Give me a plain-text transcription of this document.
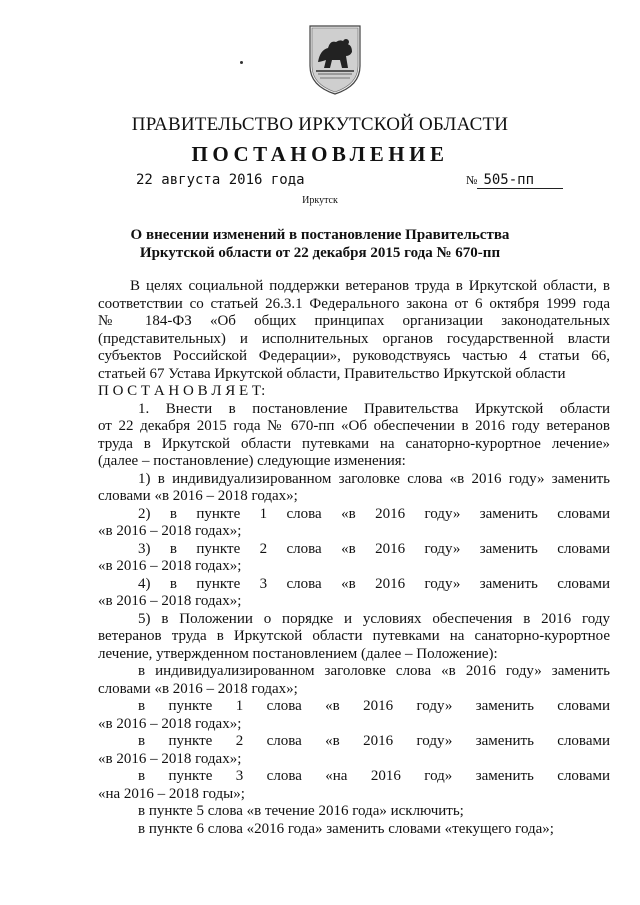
ПРАВИТЕЛЬСТВО ИРКУТСКОЙ ОБЛАСТИ
ПОСТАНОВЛЕНИЕ
22 августа 2016 года	№ 505-пп
Иркутск
О внесении изменений в постановление Правительства
Иркутской области от 22 декабря 2015 года № 670-пп
В целях социальной поддержки ветеранов труда в Иркутской области, в
соответствии со статьей 26.3.1 Федерального закона от 6 октября 1999 года
№ 184-ФЗ «Об общих принципах организации законодательных
(представительных) и исполнительных органов государственной власти
субъектов Российской Федерации», руководствуясь частью 4 статьи 66,
статьей 67 Устава Иркутской области, Правительство Иркутской области
П О С Т А Н О В Л Я Е Т:
1. Внести в постановление Правительства Иркутской области
от 22 декабря 2015 года № 670-пп «Об обеспечении в 2016 году ветеранов
труда в Иркутской области путевками на санаторно-курортное лечение»
(далее – постановление) следующие изменения:
1) в индивидуализированном заголовке слова «в 2016 году» заменить
словами «в 2016 – 2018 годах»;
2) в пункте 1 слова «в 2016 году» заменить словами
«в 2016 – 2018 годах»;
3) в пункте 2 слова «в 2016 году» заменить словами
«в 2016 – 2018 годах»;
4) в пункте 3 слова «в 2016 году» заменить словами
«в 2016 – 2018 годах»;
5) в Положении о порядке и условиях обеспечения в 2016 году
ветеранов труда в Иркутской области путевками на санаторно-курортное
лечение, утвержденном постановлением (далее – Положение):
в индивидуализированном заголовке слова «в 2016 году» заменить
словами «в 2016 – 2018 годах»;
в пункте 1 слова «в 2016 году» заменить словами
«в 2016 – 2018 годах»;
в пункте 2 слова «в 2016 году» заменить словами
«в 2016 – 2018 годах»;
в пункте 3 слова «на 2016 год» заменить словами
«на 2016 – 2018 годы»;
в пункте 5 слова «в течение 2016 года» исключить;
в пункте 6 слова «2016 года» заменить словами «текущего года»;
